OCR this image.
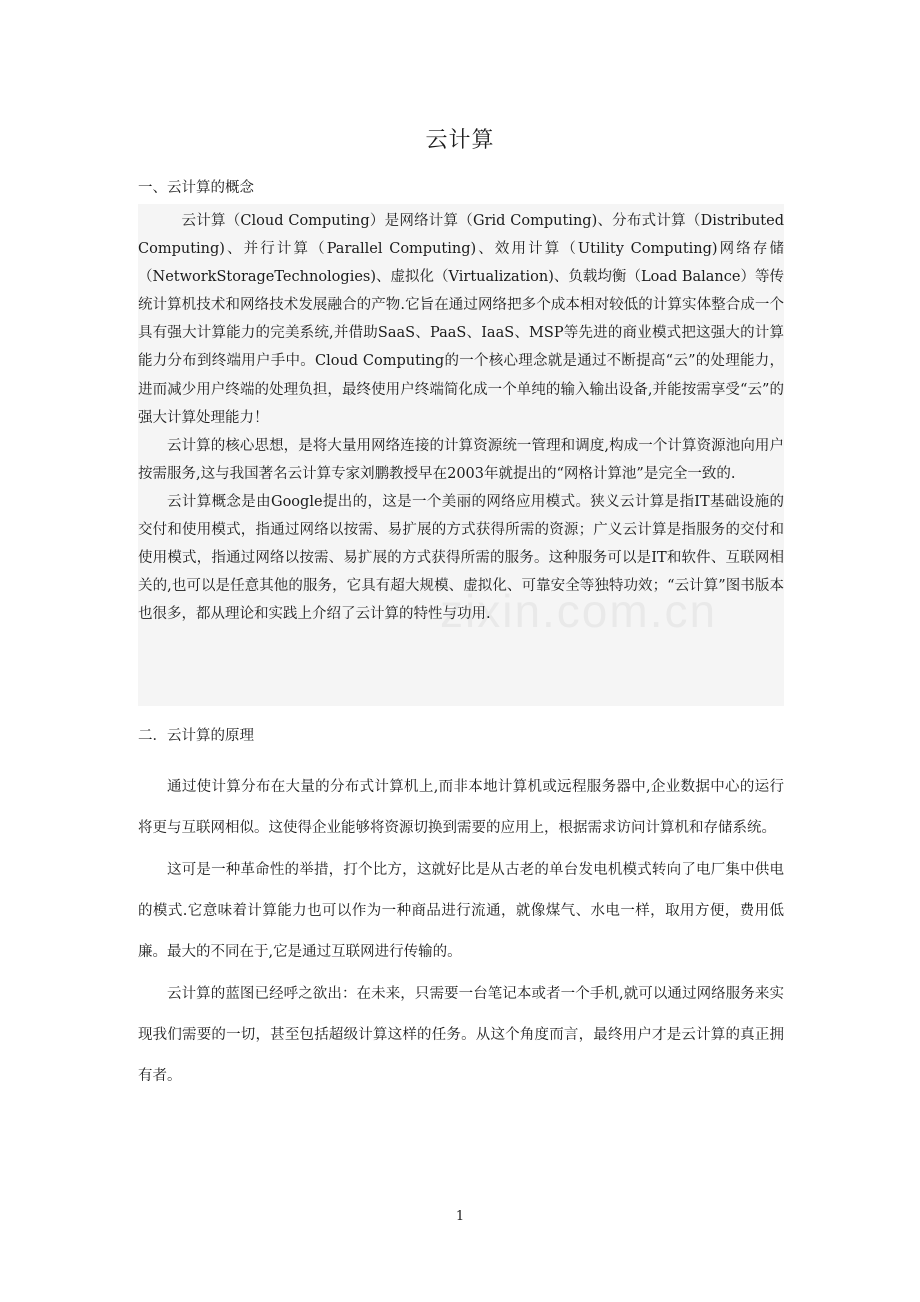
云计算
一、云计算的概念

云计算（Cloud Computing）是网络计算（Grid Computing)、分布式计算（Distributed Computing)、并行计算（Parallel Computing)、效用计算（Utility Computing)网络存储（NetworkStorageTechnologies)、虚拟化（Virtualization)、负载均衡（Load Balance）等传统计算机技术和网络技术发展融合的产物.它旨在通过网络把多个成本相对较低的计算实体整合成一个具有强大计算能力的完美系统,并借助SaaS、PaaS、IaaS、MSP等先进的商业模式把这强大的计算能力分布到终端用户手中。Cloud Computing的一个核心理念就是通过不断提高“云”的处理能力，进而减少用户终端的处理负担，最终使用户终端简化成一个单纯的输入输出设备,并能按需享受“云”的强大计算处理能力！

云计算的核心思想，是将大量用网络连接的计算资源统一管理和调度,构成一个计算资源池向用户按需服务,这与我国著名云计算专家刘鹏教授早在2003年就提出的“网格计算池”是完全一致的.

云计算概念是由Google提出的，这是一个美丽的网络应用模式。狭义云计算是指IT基础设施的交付和使用模式，指通过网络以按需、易扩展的方式获得所需的资源；广义云计算是指服务的交付和使用模式，指通过网络以按需、易扩展的方式获得所需的服务。这种服务可以是IT和软件、互联网相关的,也可以是任意其他的服务，它具有超大规模、虚拟化、可靠安全等独特功效；“云计算”图书版本也很多，都从理论和实践上介绍了云计算的特性与功用.

二．云计算的原理

通过使计算分布在大量的分布式计算机上,而非本地计算机或远程服务器中,企业数据中心的运行将更与互联网相似。这使得企业能够将资源切换到需要的应用上，根据需求访问计算机和存储系统。

这可是一种革命性的举措，打个比方，这就好比是从古老的单台发电机模式转向了电厂集中供电的模式.它意味着计算能力也可以作为一种商品进行流通，就像煤气、水电一样，取用方便，费用低廉。最大的不同在于,它是通过互联网进行传输的。

云计算的蓝图已经呼之欲出：在未来，只需要一台笔记本或者一个手机,就可以通过网络服务来实现我们需要的一切，甚至包括超级计算这样的任务。从这个角度而言，最终用户才是云计算的真正拥有者。

1
